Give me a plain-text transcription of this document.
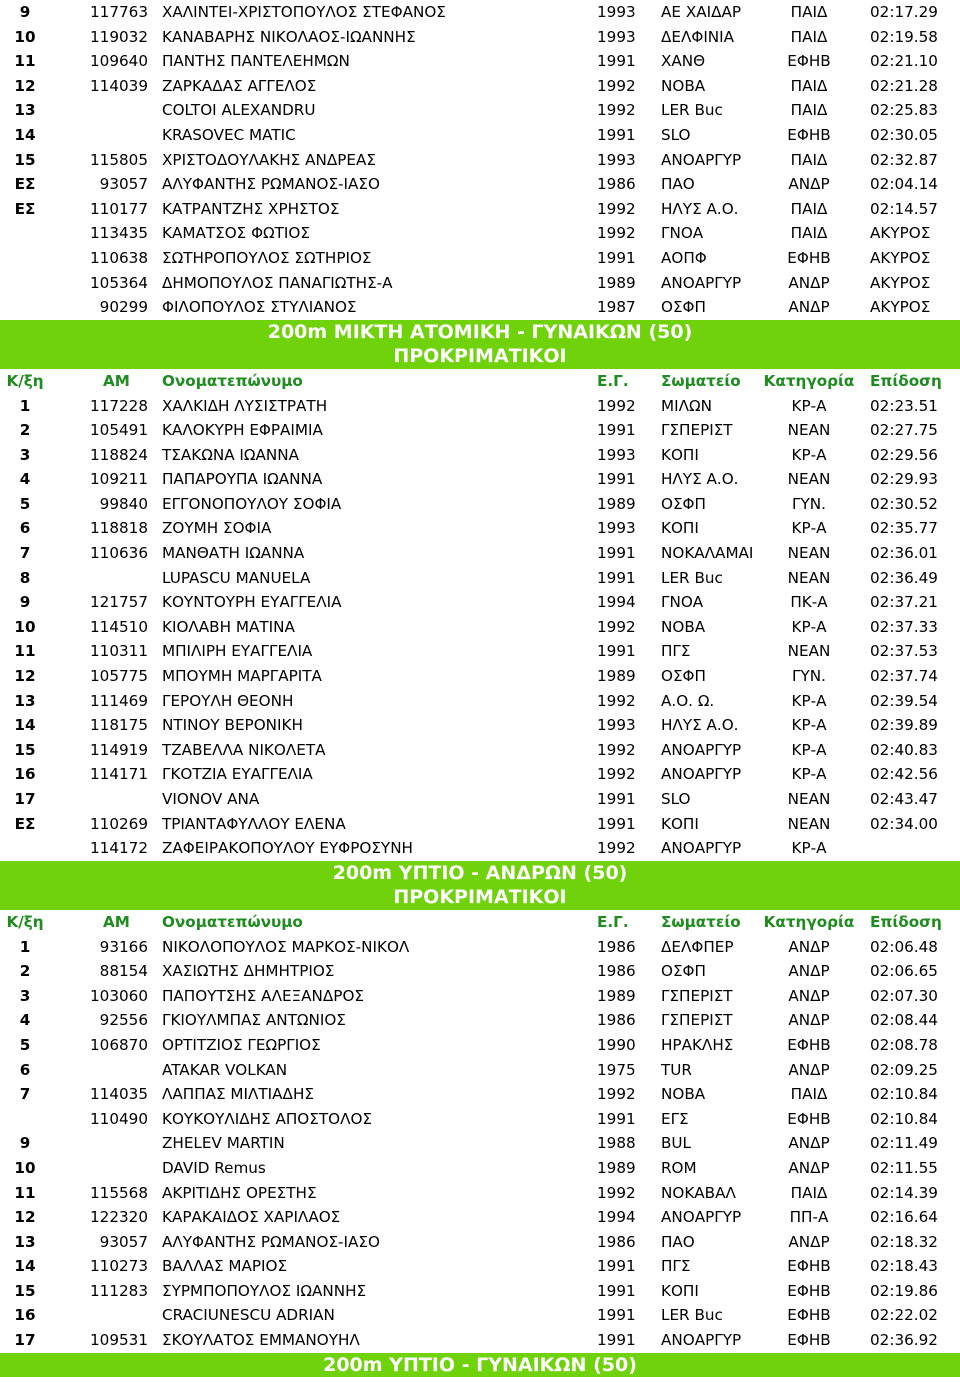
9	117763 ΧΑΛΙΝΤΕΙ-ΧΡΙΣΤΟΠΟΥΛΟΣ ΣΤΕΦΑΝΟΣ	1993 ΑΕ ΧΑΙΔΑΡ	ΠΑΙΔ	02:17.29
10	119032 ΚΑΝΑΒΑΡΗΣ ΝΙΚΟΛΑΟΣ-ΙΩΑΝΝΗΣ	1993 ΔΕΛΦΙΝΙΑ	ΠΑΙΔ	02:19.58
11	109640 ΠΑΝΤΗΣ ΠΑΝΤΕΛΕΗΜΩΝ	1991 ΧΑΝΘ	ΕΦΗΒ	02:21.10
12	114039 ΖΑΡΚΑΔΑΣ ΑΓΓΕΛΟΣ	1992 ΝΟΒΑ	ΠΑΙΔ	02:21.28
13	COLTOI ALEXANDRU	1992 LER Buc	ΠΑΙΔ	02:25.83
14	KRASOVEC MATIC	1991 SLO	ΕΦΗΒ	02:30.05
15	115805 ΧΡΙΣΤΟΔΟΥΛΑΚΗΣ ΑΝΔΡΕΑΣ	1993 ΑΝΟΑΡΓΥΡ	ΠΑΙΔ	02:32.87
ΕΣ	93057 ΑΛΥΦΑΝΤΗΣ ΡΩΜΑΝΟΣ-ΙΑΣΟ	1986 ΠΑΟ	ΑΝΔΡ	02:04.14
ΕΣ	110177 ΚΑΤΡΑΝΤΖΗΣ ΧΡΗΣΤΟΣ	1992 ΗΛΥΣ Α.Ο.	ΠΑΙΔ	02:14.57
113435 ΚΑΜΑΤΣΟΣ ΦΩΤΙΟΣ	1992 ΓΝΟΑ	ΠΑΙΔ	ΑΚΥΡΟΣ
110638 ΣΩΤΗΡΟΠΟΥΛΟΣ ΣΩΤΗΡΙΟΣ	1991 ΑΟΠΦ	ΕΦΗΒ	ΑΚΥΡΟΣ
105364 ΔΗΜΟΠΟΥΛΟΣ ΠΑΝΑΓΙΩΤΗΣ-Α	1989 ΑΝΟΑΡΓΥΡ	ΑΝΔΡ	ΑΚΥΡΟΣ
90299 ΦΙΛΟΠΟΥΛΟΣ ΣΤΥΛΙΑΝΟΣ	1987 ΟΣΦΠ	ΑΝΔΡ	ΑΚΥΡΟΣ
200m ΜΙΚΤΗ ΑΤΟΜΙΚΗ - ΓΥΝΑΙΚΩΝ (50)
ΠΡΟΚΡΙΜΑΤΙΚΟΙ
Κ/ξη	ΑΜ Ονοματεπώνυμο	Ε.Γ. Σωματείο Κατηγορία Επίδοση
1	117228 ΧΑΛΚΙΔΗ ΛΥΣΙΣΤΡΑΤΗ	1992 ΜΙΛΩΝ	ΚΡ-Α	02:23.51
2	105491 ΚΑΛΟΚΥΡΗ ΕΦΡΑΙΜΙΑ	1991 ΓΣΠΕΡΙΣΤ	ΝΕΑΝ	02:27.75
3	118824 ΤΣΑΚΩΝΑ ΙΩΑΝΝΑ	1993 ΚΟΠΙ	ΚΡ-Α	02:29.56
4	109211 ΠΑΠΑΡΟΥΠΑ ΙΩΑΝΝΑ	1991 ΗΛΥΣ Α.Ο.	ΝΕΑΝ	02:29.93
5	99840 ΕΓΓΟΝΟΠΟΥΛΟΥ ΣΟΦΙΑ	1989 ΟΣΦΠ	ΓΥΝ.	02:30.52
6	118818 ΖΟΥΜΗ ΣΟΦΙΑ	1993 ΚΟΠΙ	ΚΡ-Α	02:35.77
7	110636 ΜΑΝΘΑΤΗ ΙΩΑΝΝΑ	1991 ΝΟΚΑΛΑΜΑΙ	ΝΕΑΝ	02:36.01
8	LUPASCU MANUELA	1991 LER Buc	ΝΕΑΝ	02:36.49
9	121757 ΚΟΥΝΤΟΥΡΗ ΕΥΑΓΓΕΛΙΑ	1994 ΓΝΟΑ	ΠΚ-Α	02:37.21
10	114510 ΚΙΟΛΑΒΗ ΜΑΤΙΝΑ	1992 ΝΟΒΑ	ΚΡ-Α	02:37.33
11	110311 ΜΠΙΛΙΡΗ ΕΥΑΓΓΕΛΙΑ	1991 ΠΓΣ	ΝΕΑΝ	02:37.53
12	105775 ΜΠΟΥΜΗ ΜΑΡΓΑΡΙΤΑ	1989 ΟΣΦΠ	ΓΥΝ.	02:37.74
13	111469 ΓΕΡΟΥΛΗ ΘΕΟΝΗ	1992 Α.Ο. Ω.	ΚΡ-Α	02:39.54
14	118175 ΝΤΙΝΟΥ ΒΕΡΟΝΙΚΗ	1993 ΗΛΥΣ Α.Ο.	ΚΡ-Α	02:39.89
15	114919 ΤΖΑΒΕΛΛΑ ΝΙΚΟΛΕΤΑ	1992 ΑΝΟΑΡΓΥΡ	ΚΡ-Α	02:40.83
16	114171 ΓΚΟΤΖΙΑ ΕΥΑΓΓΕΛΙΑ	1992 ΑΝΟΑΡΓΥΡ	ΚΡ-Α	02:42.56
17	VIONOV ANA	1991 SLO	ΝΕΑΝ	02:43.47
ΕΣ	110269 ΤΡΙΑΝΤΑΦΥΛΛΟΥ ΕΛΕΝΑ	1991 ΚΟΠΙ	ΝΕΑΝ	02:34.00
114172 ΖΑΦΕΙΡΑΚΟΠΟΥΛΟΥ ΕΥΦΡΟΣΥΝΗ	1992 ΑΝΟΑΡΓΥΡ	ΚΡ-Α
200m ΥΠΤΙΟ - ΑΝΔΡΩΝ (50)
ΠΡΟΚΡΙΜΑΤΙΚΟΙ
Κ/ξη	ΑΜ Ονοματεπώνυμο	Ε.Γ. Σωματείο Κατηγορία Επίδοση
1	93166 ΝΙΚΟΛΟΠΟΥΛΟΣ ΜΑΡΚΟΣ-ΝΙΚΟΛ	1986 ΔΕΛΦΠΕΡ	ΑΝΔΡ	02:06.48
2	88154 ΧΑΣΙΩΤΗΣ ΔΗΜΗΤΡΙΟΣ	1986 ΟΣΦΠ	ΑΝΔΡ	02:06.65
3	103060 ΠΑΠΟΥΤΣΗΣ ΑΛΕΞΑΝΔΡΟΣ	1989 ΓΣΠΕΡΙΣΤ	ΑΝΔΡ	02:07.30
4	92556 ΓΚΙΟΥΛΜΠΑΣ ΑΝΤΩΝΙΟΣ	1986 ΓΣΠΕΡΙΣΤ	ΑΝΔΡ	02:08.44
5	106870 ΟΡΤΙΤΖΙΟΣ ΓΕΩΡΓΙΟΣ	1990 ΗΡΑΚΛΗΣ	ΕΦΗΒ	02:08.78
6	ATAKAR VOLKAN	1975 TUR	ΑΝΔΡ	02:09.25
7	114035 ΛΑΠΠΑΣ ΜΙΛΤΙΑΔΗΣ	1992 ΝΟΒΑ	ΠΑΙΔ	02:10.84
110490 ΚΟΥΚΟΥΛΙΔΗΣ ΑΠΟΣΤΟΛΟΣ	1991 ΕΓΣ	ΕΦΗΒ	02:10.84
9	ZHELEV MARTIN	1988 BUL	ΑΝΔΡ	02:11.49
10	DAVID Remus	1989 ROM	ΑΝΔΡ	02:11.55
11	115568 ΑΚΡΙΤΙΔΗΣ ΟΡΕΣΤΗΣ	1992 ΝΟΚΑΒΑΛ	ΠΑΙΔ	02:14.39
12	122320 ΚΑΡΑΚΑΙΔΟΣ ΧΑΡΙΛΑΟΣ	1994 ΑΝΟΑΡΓΥΡ	ΠΠ-Α	02:16.64
13	93057 ΑΛΥΦΑΝΤΗΣ ΡΩΜΑΝΟΣ-ΙΑΣΟ	1986 ΠΑΟ	ΑΝΔΡ	02:18.32
14	110273 ΒΑΛΛΑΣ ΜΑΡΙΟΣ	1991 ΠΓΣ	ΕΦΗΒ	02:18.43
15	111283 ΣΥΡΜΠΟΠΟΥΛΟΣ ΙΩΑΝΝΗΣ	1991 ΚΟΠΙ	ΕΦΗΒ	02:19.86
16	CRACIUNESCU ADRIAN	1991 LER Buc	ΕΦΗΒ	02:22.02
17	109531 ΣΚΟΥΛΑΤΟΣ ΕΜΜΑΝΟΥΗΛ	1991 ΑΝΟΑΡΓΥΡ	ΕΦΗΒ	02:36.92
200m ΥΠΤΙΟ - ΓΥΝΑΙΚΩΝ (50)
